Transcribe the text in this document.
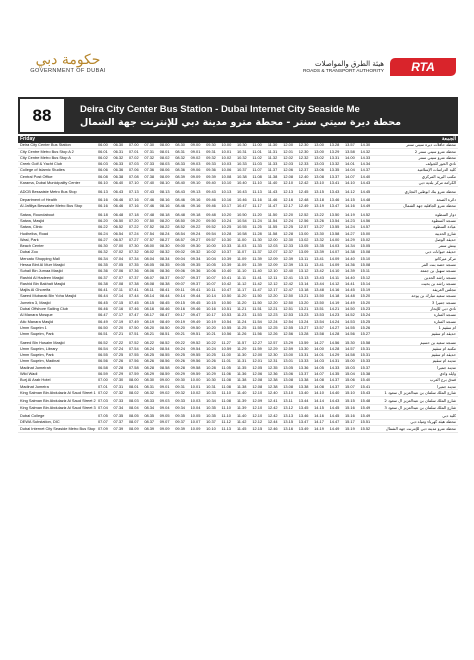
حكومة دبي
GOVERNMENT OF DUBAI
هيئة الطرق والمواصلات
ROADS & TRANSPORT AUTHORITY	RTA
88	Deira City Center Bus Station - Dubai Internet City Seaside Me
محطة ديرة سيتي سنتر - محطة مترو مدينة دبي للإنترنت جهة الشمال
Friday	الجمعة
Deira City Center Bus Station	06.00	06.30	07.00	07.30	08.00	08.30	09.00	09.30	10.00	10.30	11.00	11.30	12.00	12.30	13.00	13.28	13.57	14.30	محطة حافلات ديرة سيتي سنتر
City Centre Metro Bus Stop A 2	06.01	06.31	07.01	07.31	08.01	08.31	09.01	09.31	10.01	10.31	11.01	11.31	12.01	12.30	13.00	13.29	13.58	14.32	محطة مترو سيتي سنتر 2
City Centre Metro Bus Stop A	06.02	06.32	07.02	07.32	08.02	08.32	09.02	09.32	10.02	10.32	11.02	11.32	12.02	12.32	13.02	13.31	14.00	14.33	محطة مترو سيتي سنتر
Creek Golf & Yacht Club	06.03	06.33	07.03	07.33	08.03	08.33	09.03	09.33	10.03	10.33	11.03	11.33	12.03	12.33	13.03	13.32	14.01	14.34	نادي الخور للجولف
College of Islamic Studies	06.06	06.36	07.06	07.36	08.06	08.36	09.06	09.36	10.06	10.37	11.07	11.37	12.06	12.37	13.06	13.35	14.04	14.37	كلية الدراسات الإسلامية
Central Post Office	06.08	06.38	07.08	07.38	08.09	08.39	09.09	09.39	10.08	10.38	11.08	11.38	12.08	12.40	13.08	13.37	14.07	14.40	مكتب البريد المركزي
Karama, Dubai Municipality Center	06.10	06.40	07.10	07.40	08.10	08.40	09.10	09.40	10.10	10.40	11.10	11.40	12.10	12.42	13.10	13.41	14.10	14.43	الكرامة مركز بلدية دبي
ADCB Bessaiste Metro Bus Stop	06.13	06.43	07.13	07.43	08.13	08.43	09.13	09.43	10.13	10.43	11.13	11.43	12.13	12.45	13.15	13.43	14.12	14.45	محطة مترو بنك أبوظبي التجاري
Department of Health	06.16	06.46	07.16	07.46	08.16	08.46	09.16	09.46	10.16	10.46	11.16	11.46	12.16	12.48	13.18	13.46	14.15	14.48	دائرة الصحة
Al Jafiliya Bessaiste Metro Bus Stop	06.16	06.46	07.16	07.46	08.16	08.46	09.16	09.46	10.17	10.47	11.17	11.47	12.17	12.49	13.19	13.47	14.16	14.49	محطة مترو الجافلية جهة الشمال
Satwa, Roundabout	06.18	06.48	07.18	07.48	08.18	08.48	09.18	09.48	10.20	10.50	11.20	11.50	12.20	12.52	13.22	13.50	14.19	14.52	دوار السطوة
Satwa, Masjid	06.20	06.50	07.20	07.50	08.20	08.50	09.20	09.50	10.24	10.54	11.24	11.54	12.24	12.56	13.26	13.54	14.23	14.56	مسجد السطوة
Satwa, Clinic	06.22	06.52	07.22	07.52	08.22	08.52	09.22	09.52	10.25	10.55	11.25	11.55	12.25	12.57	13.27	13.55	14.24	14.57	عيادة السطوة
Hudheiba, Road	06.24	06.54	07.24	07.54	08.24	08.54	09.24	09.54	10.28	10.58	11.28	11.58	12.28	13.00	13.30	13.58	14.27	15.00	شارع الحديبة
Wasl, Park	06.27	06.57	07.27	07.57	08.27	08.57	09.27	09.57	10.30	11.00	11.30	12.00	12.30	13.02	13.32	14.00	14.29	15.02	حديقة الوصل
Beach Center	06.30	07.00	07.30	08.00	08.30	09.00	09.30	10.00	10.33	11.03	11.33	12.03	12.33	13.05	13.35	14.03	14.34	15.05	بيتش سنتر
Dubai Zoo	06.32	07.02	07.32	08.02	08.32	09.02	09.32	10.02	10.37	11.07	11.37	12.07	12.37	13.09	13.39	14.07	14.38	15.08	حديقة حيوانات دبي
Mercato Shopping Mall	06.34	07.04	07.34	08.04	08.34	09.04	09.34	10.04	10.39	11.09	11.39	12.09	12.39	13.11	13.41	14.09	14.40	15.10	مركز ميركاتو
Hessa Bint Al Murr Masjid	06.35	07.05	07.35	08.05	08.35	09.05	09.35	10.05	10.39	11.09	11.39	12.09	12.39	13.11	13.41	14.09	14.36	15.08	مسجد حصة بنت المر
Suhail Bin Jumaa Masjid	06.36	07.06	07.36	08.06	08.36	09.06	09.36	10.06	10.40	11.10	11.40	12.10	12.40	13.12	13.42	14.10	14.39	15.11	مسجد سهيل بن جمعة
Rashid Al Hadeen Masjid	06.37	07.07	07.37	08.07	08.37	09.07	09.37	10.07	10.41	11.11	11.41	12.11	12.41	13.13	13.43	14.11	14.40	15.12	مسجد راشد الحدين
Rashid Bin Bakhait Masjid	06.38	07.08	07.38	08.08	08.38	09.07	09.37	10.07	10.42	11.12	11.42	12.12	12.42	13.14	13.44	14.12	14.41	15.14	مسجد راشد بن بخيت
Majlis Al Ghoreifa	06.41	07.11	07.41	08.11	08.41	09.11	09.41	10.11	10.47	11.17	11.47	12.17	12.47	13.18	13.48	14.16	14.45	15.19	مجلس الغريفة
Saeed Mubarak Bin Yoha Masjid	06.44	07.14	07.44	08.14	08.44	09.14	09.44	10.14	10.50	11.20	11.50	12.20	12.50	13.21	13.50	14.18	14.48	15.20	مسجد سعيد مبارك بن يوحة
Jumeira 3, Masjid	06.45	07.15	07.45	08.15	08.45	09.15	09.45	10.15	10.50	11.20	11.50	12.20	12.50	13.20	13.50	14.19	14.49	15.20	مسجد جميرا 3
Dubai Offshore Sailing Club	06.46	07.16	07.46	08.16	08.46	09.16	09.46	10.16	10.51	11.21	11.51	12.21	12.51	13.21	13.51	14.21	14.50	15.23	نادي دبي للإبحار
Al Manara Mosque	06.47	07.17	07.47	08.17	08.47	09.17	09.47	10.17	10.53	11.23	11.53	12.23	12.53	13.23	13.53	14.23	14.52	15.24	مسجد المنارة
Atic Manara Masjid	06.49	07.19	07.49	08.19	08.49	09.19	09.49	10.19	10.54	11.24	11.54	12.24	12.54	13.24	13.54	14.24	14.53	15.25	مسجد المنارة
Umm Suqeim 1	06.50	07.20	07.50	08.20	08.50	09.20	09.50	10.20	10.55	11.25	11.55	12.25	12.55	13.27	13.57	14.27	14.55	15.26	أم سقيم 1
Umm Suqeim, Park	06.51	07.21	07.51	08.21	08.51	09.21	09.51	10.21	10.56	11.26	11.56	12.26	12.56	13.28	13.58	14.28	14.56	15.27	حديقة أم سقيم
Saeed Bin Husaim Masjid	06.52	07.22	07.52	08.22	08.52	09.22	09.52	10.22	11.27	11.57	12.27	12.57	13.29	13.59	14.27	14.56	15.30	15.58	مسجد سعيد بن حسيم
Umm Suqeim, Library	06.54	07.24	07.54	08.24	08.54	09.24	09.54	10.24	10.59	11.29	11.59	12.29	12.59	13.30	14.00	14.28	14.57	15.31	مكتبة أم سقيم
Umm Suqeim, Park	06.55	07.25	07.55	08.25	08.55	09.25	09.55	10.25	11.00	11.30	12.00	12.30	13.00	13.31	14.01	14.29	14.58	15.31	حديقة أم سقيم
Umm Suqeim, Madinat	06.56	07.26	07.56	08.26	08.56	09.26	09.56	10.26	11.01	11.31	12.01	12.31	13.01	13.33	14.03	14.31	15.00	15.33	مدينة أم سقيم
Madinat Jumeirah	06.58	07.28	07.58	08.28	08.58	09.28	09.58	10.28	11.05	11.35	12.05	12.35	13.05	13.36	14.05	14.33	15.03	15.37	مدينة جميرا
Wild Wadi	06.59	07.29	07.59	08.29	08.59	09.29	09.59	10.29	11.06	11.36	12.06	12.36	13.06	13.37	14.07	14.35	15.04	15.38	وايلد وادي
Burj Al Arab Hotel	07.00	07.30	08.00	08.30	09.00	09.30	10.00	10.30	11.08	11.38	12.08	12.38	13.08	13.38	14.08	14.37	15.06	15.40	فندق برج العرب
Madinat Jumeira	07.01	07.31	08.01	08.31	09.01	09.31	10.01	10.31	11.08	11.38	12.08	12.38	13.08	13.38	14.08	14.37	15.07	15.41	مدينة جميرا
King Salman Bin Abdulaziz Al Saud Street 1 07.02	07.32	08.02	08.32	09.02	09.32	10.02	10.33	11.10	11.40	12.10	12.40	13.10	13.40	14.10	14.40	15.10	15.43	شارع الملك سلمان بن عبدالعزيز آل سعود 1
King Salman Bin Abdulaziz Al Saud Street 2 07.03	07.33	08.03	08.33	09.03	09.33	10.03	10.34	11.08	11.39	12.09	12.41	13.11	13.44	14.14	14.43	15.15	15.48	شارع الملك سلمان بن عبدالعزيز آل سعود 2
King Salman Bin Abdulaziz Al Saud Street 3 07.04	07.34	08.04	08.34	09.04	09.34	10.04	10.35	11.10	11.39	12.10	12.42	13.12	13.45	14.15	14.45	15.16	15.49	شارع الملك سلمان بن عبدالعزيز آل سعود 3
Dubai College	07.05	07.35	08.05	08.35	09.05	09.35	10.05	10.35	11.10	11.40	12.10	12.42	13.13	13.46	14.16	14.45	15.16	15.49	كلية دبي
DEWA Substation, DIC	07.07	07.37	08.07	08.37	09.07	09.37	10.07	10.37	11.12	11.42	12.12	12.44	13.15	13.47	14.17	14.47	15.17	15.51	محطة هيئة كهرباء ومياه دبي
Dubai Internet City Seaside Metro Bus Stop 07.09	07.39	08.09	08.39	09.09	09.39	10.09	10.10	11.13	11.45	12.15	12.46	13.16	13.49	14.19	14.49	15.19	15.52	محطة مترو مدينة دبي للإنترنت جهة الشمال
